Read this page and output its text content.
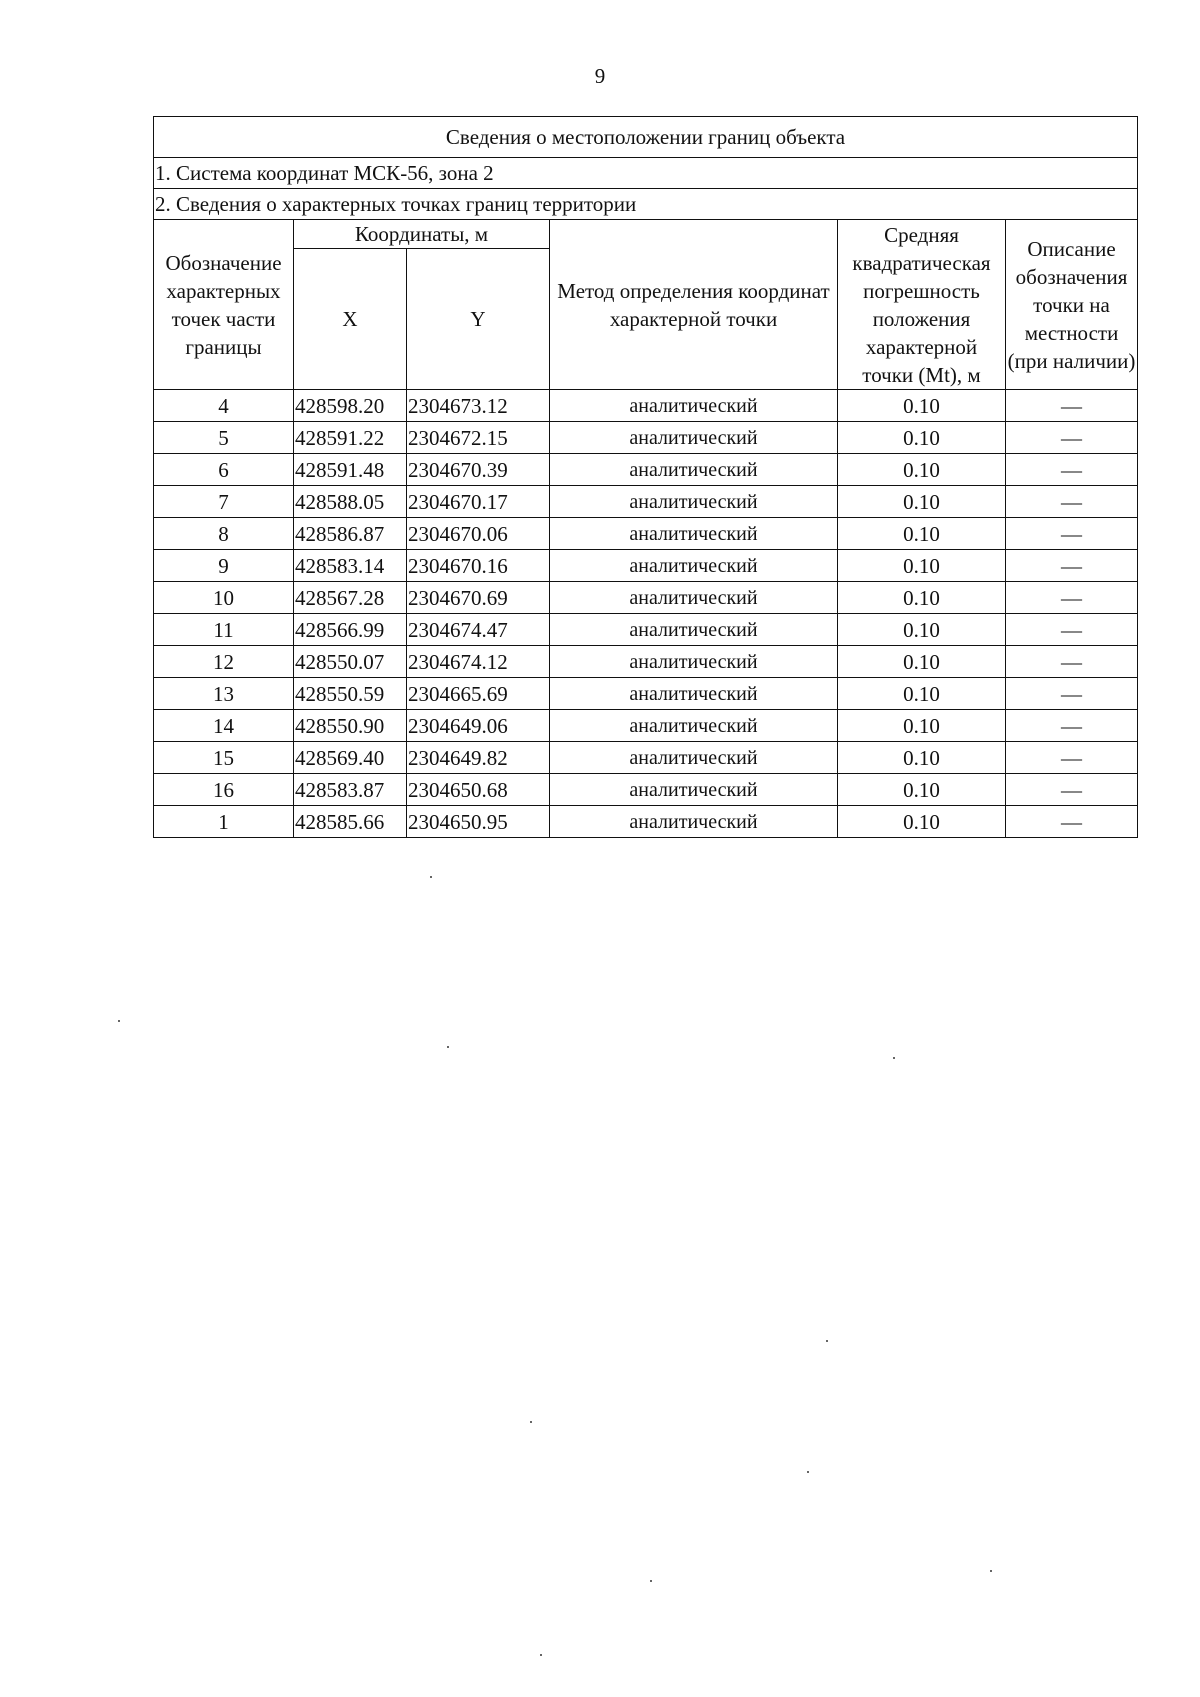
9
Сведения о местоположении границ объекта					
1. Система координат МСК-56, зона 2					
2. Сведения о характерных точках границ территории					
Обозначение характерных точек части границы	Координаты, м		Метод определения координат характерной точки	Средняя квадратическая погрешность положения характерной точки (Mt), м	Описание обозначения точки на местности (при наличии)
	X	Y			
4	428598.20	2304673.12	аналитический	0.10	—
5	428591.22	2304672.15	аналитический	0.10	—
6	428591.48	2304670.39	аналитический	0.10	—
7	428588.05	2304670.17	аналитический	0.10	—
8	428586.87	2304670.06	аналитический	0.10	—
9	428583.14	2304670.16	аналитический	0.10	—
10	428567.28	2304670.69	аналитический	0.10	—
11	428566.99	2304674.47	аналитический	0.10	—
12	428550.07	2304674.12	аналитический	0.10	—
13	428550.59	2304665.69	аналитический	0.10	—
14	428550.90	2304649.06	аналитический	0.10	—
15	428569.40	2304649.82	аналитический	0.10	—
16	428583.87	2304650.68	аналитический	0.10	—
1	428585.66	2304650.95	аналитический	0.10	—
